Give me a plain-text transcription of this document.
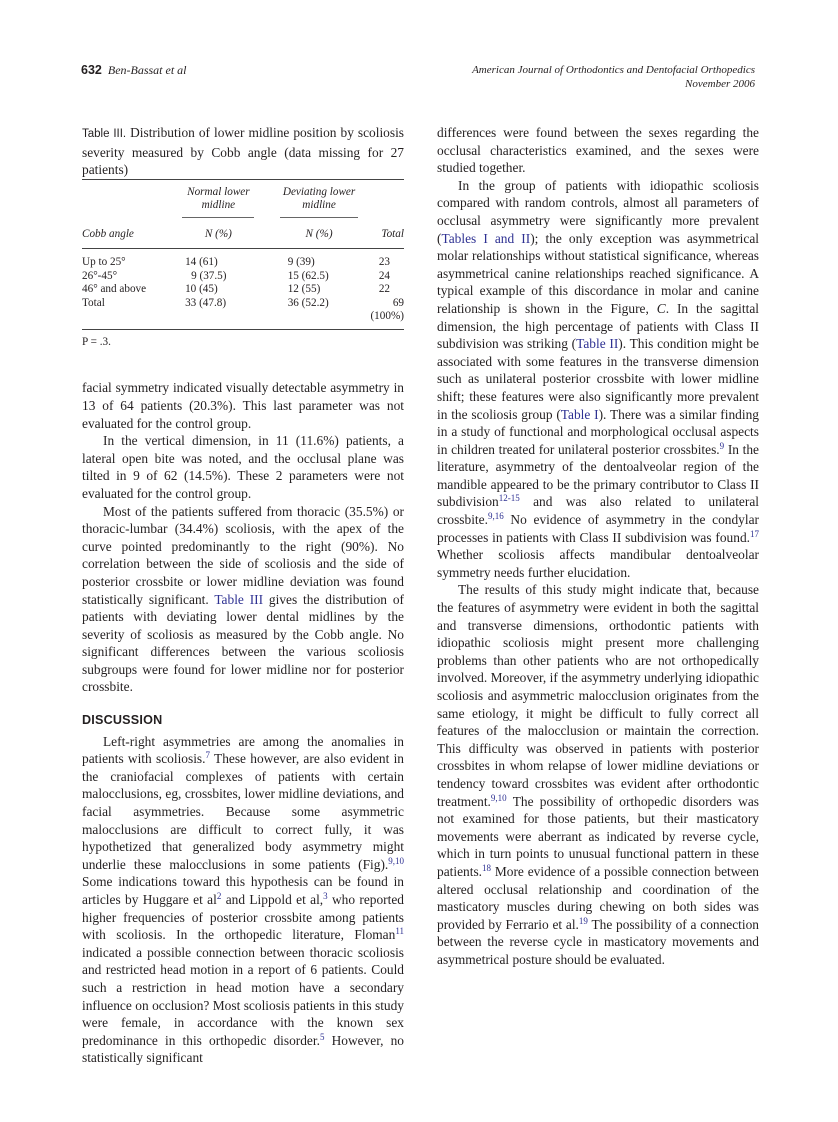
632 Ben-Bassat et al	American Journal of Orthodontics and Dentofacial Orthopedics
November 2006

Table III. Distribution of lower midline position by scoliosis severity measured by Cobb angle (data missing for 27 patients)

	Normal lower midline	Deviating lower midline	
Cobb angle	N (%)	N (%)	Total
Up to 25°	14 (61)	9 (39)	23
26°-45°	9 (37.5)	15 (62.5)	24
46° and above	10 (45)	12 (55)	22
Total	33 (47.8)	36 (52.2)	69 (100%)
P = .3.

facial symmetry indicated visually detectable asymmetry in 13 of 64 patients (20.3%). This last parameter was not evaluated for the control group.

In the vertical dimension, in 11 (11.6%) patients, a lateral open bite was noted, and the occlusal plane was tilted in 9 of 62 (14.5%). These 2 parameters were not evaluated for the control group.

Most of the patients suffered from thoracic (35.5%) or thoracic-lumbar (34.4%) scoliosis, with the apex of the curve pointed predominantly to the right (90%). No correlation between the side of scoliosis and the side of posterior crossbite or lower midline deviation was found statistically significant. Table III gives the distribution of patients with deviating lower dental midlines by the severity of scoliosis as measured by the Cobb angle. No significant differences between the various scoliosis subgroups were found for lower midline nor for posterior crossbite.

DISCUSSION

Left-right asymmetries are among the anomalies in patients with scoliosis.$^7$ These however, are also evident in the craniofacial complexes of patients with certain malocclusions, eg, crossbites, lower midline deviations, and facial asymmetries. Because some asymmetric malocclusions are difficult to correct fully, it was hypothetized that generalized body asymmetry might underlie these malocclusions in some patients (Fig).$^{9,10}$ Some indications toward this hypothesis can be found in articles by Huggare et $al^2$ and Lippold et al,$^3$ who reported higher frequencies of posterior crossbite among patients with scoliosis. In the orthopedic literature, Floman$^{11}$ indicated a possible connection between thoracic scoliosis and restricted head motion in a report of 6 patients. Could such a restriction in head motion have a secondary influence on occlusion? Most scoliosis patients in this study were female, in accordance with the known sex predominance in this orthopedic disorder.$^5$ However, no statistically significant

differences were found between the sexes regarding the occlusal characteristics examined, and the sexes were studied together.

In the group of patients with idiopathic scoliosis compared with random controls, almost all parameters of occlusal asymmetry were significantly more prevalent (Tables I and II); the only exception was asymmetrical molar relationships without statistical significance, whereas asymmetrical canine relationships reached significance. A typical example of this discordance in molar and canine relationship is shown in the Figure, C. In the sagittal dimension, the high percentage of patients with Class II subdivision was striking (Table II). This condition might be associated with some features in the transverse dimension such as unilateral posterior crossbite with lower midline shift; these features were also significantly more prevalent in the scoliosis group (Table I). There was a similar finding in a study of functional and morphological occlusal aspects in children treated for unilateral posterior crossbites.$^9$ In the literature, asymmetry of the dentoalveolar region of the mandible appeared to be the primary contributor to Class II subdivision$^{12-15}$ and was also related to unilateral crossbite.$^{9,16}$ No evidence of asymmetry in the condylar processes in patients with Class II subdivision was found.$^{17}$ Whether scoliosis affects mandibular dentoalveolar symmetry needs further elucidation.

The results of this study might indicate that, because the features of asymmetry were evident in both the sagittal and transverse dimensions, orthodontic patients with idiopathic scoliosis might present more challenging problems than other patients who are not orthopedically involved. Moreover, if the asymmetry underlying idiopathic scoliosis and asymmetric malocclusion originates from the same etiology, it might be difficult to fully correct all features of the malocclusion or maintain the correction. This difficulty was observed in patients with posterior crossbites in whom relapse of lower midline deviations or tendency toward crossbites was evident after orthodontic treatment.$^{9,10}$ The possibility of orthopedic disorders was not examined for those patients, but their masticatory movements were aberrant as indicated by reverse cycle, which in turn points to unusual functional pattern in these patients.$^{18}$ More evidence of a possible connection between altered occlusal relationship and coordination of the masticatory muscles during chewing on both sides was provided by Ferrario et al.$^{19}$ The possibility of a connection between the reverse cycle in masticatory movements and asymmetrical posture should be evaluated.
